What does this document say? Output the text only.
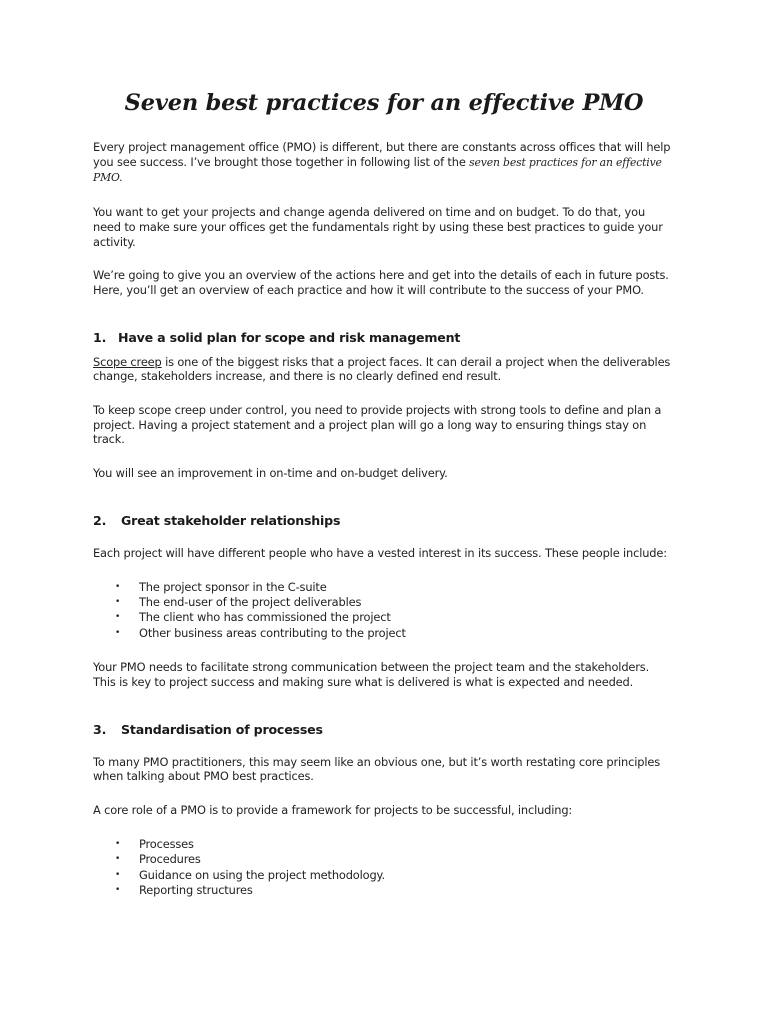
Seven best practices for an effective PMO

Every project management office (PMO) is different, but there are constants across offices that will help you see success. I’ve brought those together in following list of the seven best practices for an effective PMO.

You want to get your projects and change agenda delivered on time and on budget. To do that, you need to make sure your offices get the fundamentals right by using these best practices to guide your activity.

We’re going to give you an overview of the actions here and get into the details of each in future posts. Here, you’ll get an overview of each practice and how it will contribute to the success of your PMO.

1. Have a solid plan for scope and risk management

Scope creep is one of the biggest risks that a project faces. It can derail a project when the deliverables change, stakeholders increase, and there is no clearly defined end result.

To keep scope creep under control, you need to provide projects with strong tools to define and plan a project. Having a project statement and a project plan will go a long way to ensuring things stay on track.

You will see an improvement in on-time and on-budget delivery.

2.	Great stakeholder relationships

Each project will have different people who have a vested interest in its success. These people include:

•	The project sponsor in the C-suite
•	The end-user of the project deliverables
•	The client who has commissioned the project
•	Other business areas contributing to the project

Your PMO needs to facilitate strong communication between the project team and the stakeholders. This is key to project success and making sure what is delivered is what is expected and needed.

3.	Standardisation of processes

To many PMO practitioners, this may seem like an obvious one, but it’s worth restating core principles when talking about PMO best practices.

A core role of a PMO is to provide a framework for projects to be successful, including:

•	Processes
•	Procedures
•	Guidance on using the project methodology.
•	Reporting structures
